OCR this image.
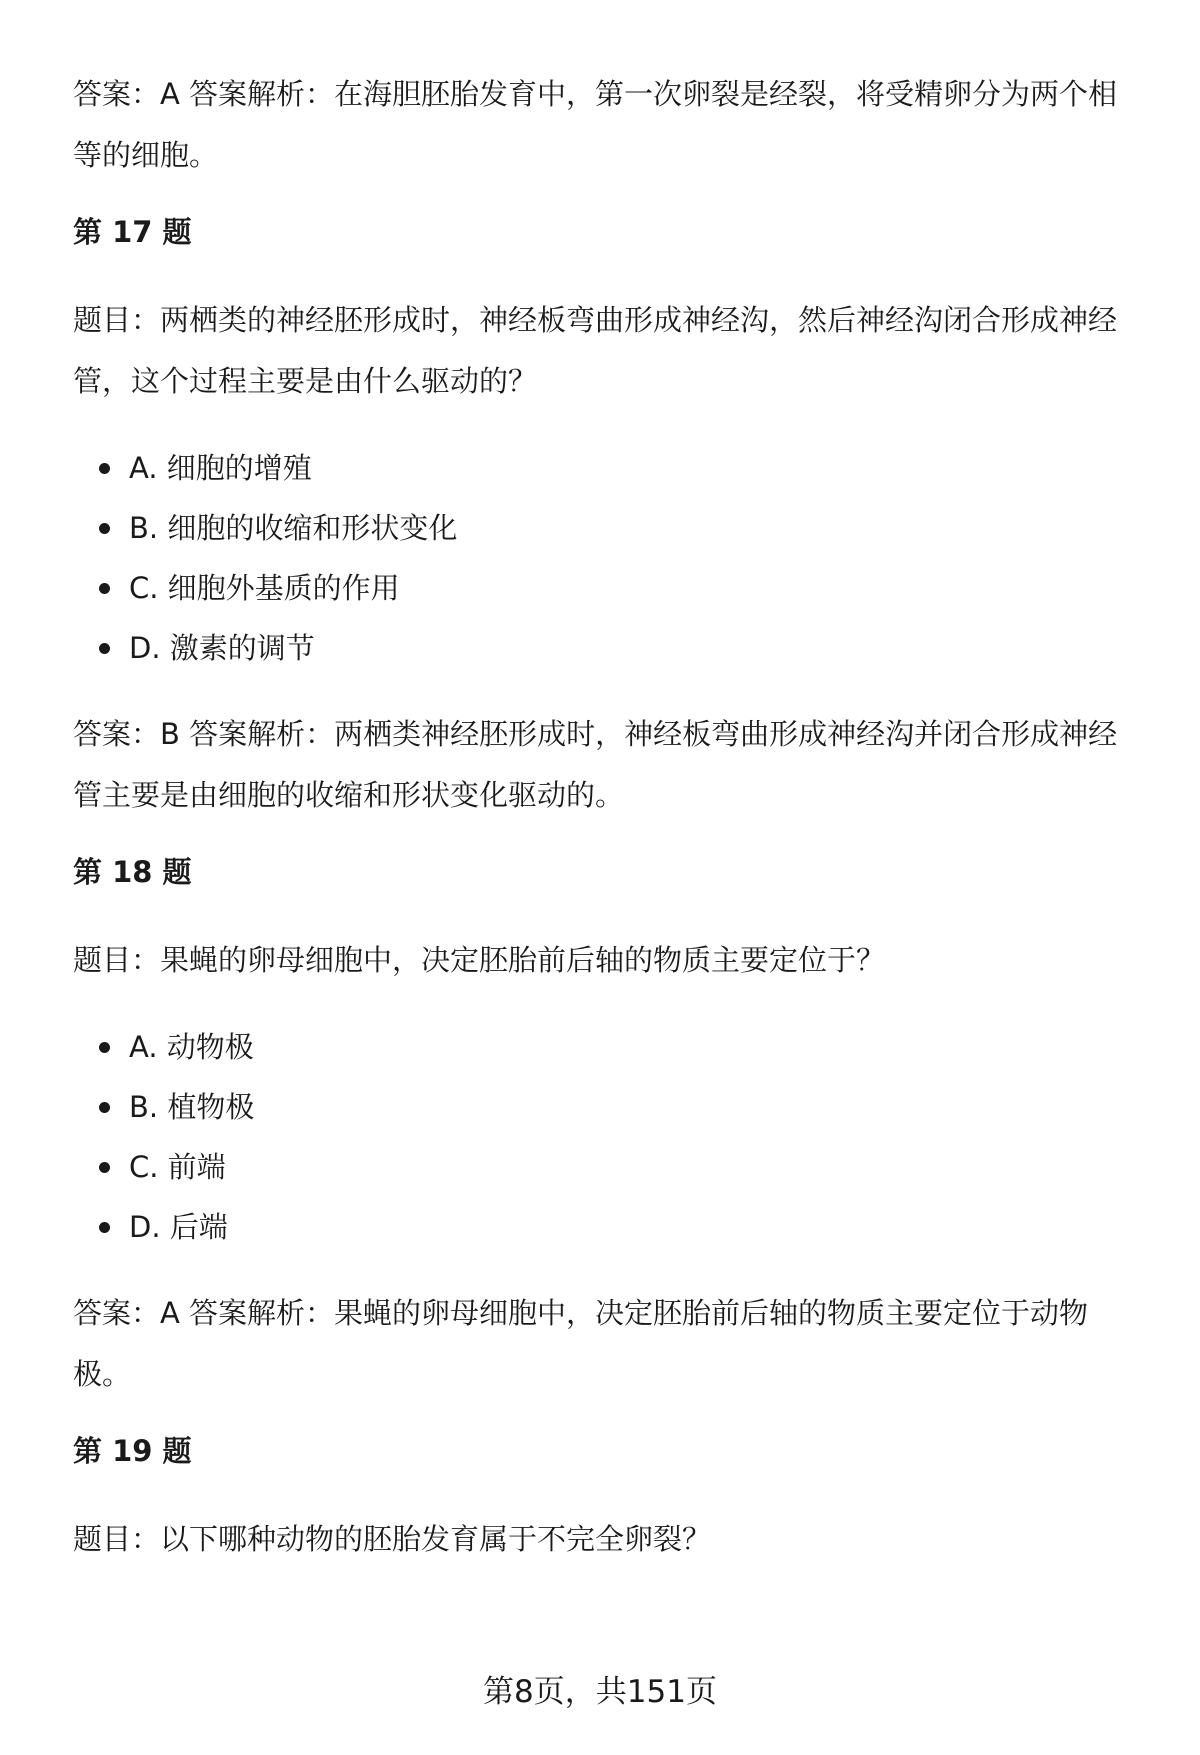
答案：A 答案解析：在海胆胚胎发育中，第一次卵裂是经裂，将受精卵分为两个相等的细胞。

第 17 题

题目：两栖类的神经胚形成时，神经板弯曲形成神经沟，然后神经沟闭合形成神经管，这个过程主要是由什么驱动的？

A. 细胞的增殖
B. 细胞的收缩和形状变化
C. 细胞外基质的作用
D. 激素的调节

答案：B 答案解析：两栖类神经胚形成时，神经板弯曲形成神经沟并闭合形成神经管主要是由细胞的收缩和形状变化驱动的。

第 18 题

题目：果蝇的卵母细胞中，决定胚胎前后轴的物质主要定位于？

A. 动物极
B. 植物极
C. 前端
D. 后端

答案：A 答案解析：果蝇的卵母细胞中，决定胚胎前后轴的物质主要定位于动物极。

第 19 题

题目：以下哪种动物的胚胎发育属于不完全卵裂？

第8页，共151页
